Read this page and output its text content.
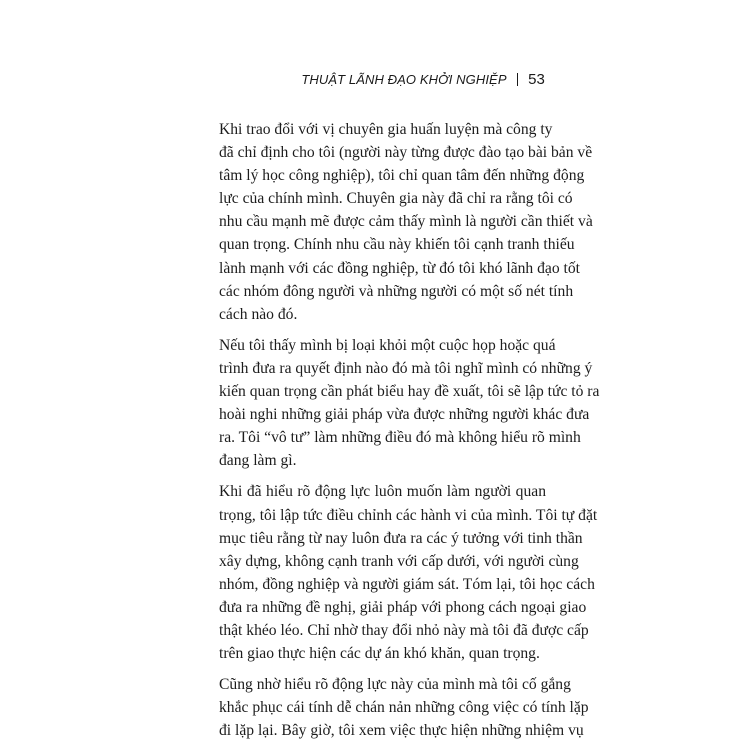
THUẬT LÃNH ĐẠO KHỞI NGHIỆP 53

Khi trao đổi với vị chuyên gia huấn luyện mà công ty
đã chỉ định cho tôi (người này từng được đào tạo bài bản về
tâm lý học công nghiệp), tôi chỉ quan tâm đến những động
lực của chính mình. Chuyên gia này đã chỉ ra rằng tôi có
nhu cầu mạnh mẽ được cảm thấy mình là người cần thiết và
quan trọng. Chính nhu cầu này khiến tôi cạnh tranh thiếu
lành mạnh với các đồng nghiệp, từ đó tôi khó lãnh đạo tốt
các nhóm đông người và những người có một số nét tính
cách nào đó.

Nếu tôi thấy mình bị loại khỏi một cuộc họp hoặc quá
trình đưa ra quyết định nào đó mà tôi nghĩ mình có những ý
kiến quan trọng cần phát biểu hay đề xuất, tôi sẽ lập tức tỏ ra
hoài nghi những giải pháp vừa được những người khác đưa
ra. Tôi “vô tư” làm những điều đó mà không hiểu rõ mình
đang làm gì.

Khi đã hiểu rõ động lực luôn muốn làm người quan
trọng, tôi lập tức điều chỉnh các hành vi của mình. Tôi tự đặt
mục tiêu rằng từ nay luôn đưa ra các ý tưởng với tinh thần
xây dựng, không cạnh tranh với cấp dưới, với người cùng
nhóm, đồng nghiệp và người giám sát. Tóm lại, tôi học cách
đưa ra những đề nghị, giải pháp với phong cách ngoại giao
thật khéo léo. Chỉ nhờ thay đổi nhỏ này mà tôi đã được cấp
trên giao thực hiện các dự án khó khăn, quan trọng.

Cũng nhờ hiểu rõ động lực này của mình mà tôi cố gắng
khắc phục cái tính dễ chán nản những công việc có tính lặp
đi lặp lại. Bây giờ, tôi xem việc thực hiện những nhiệm vụ
